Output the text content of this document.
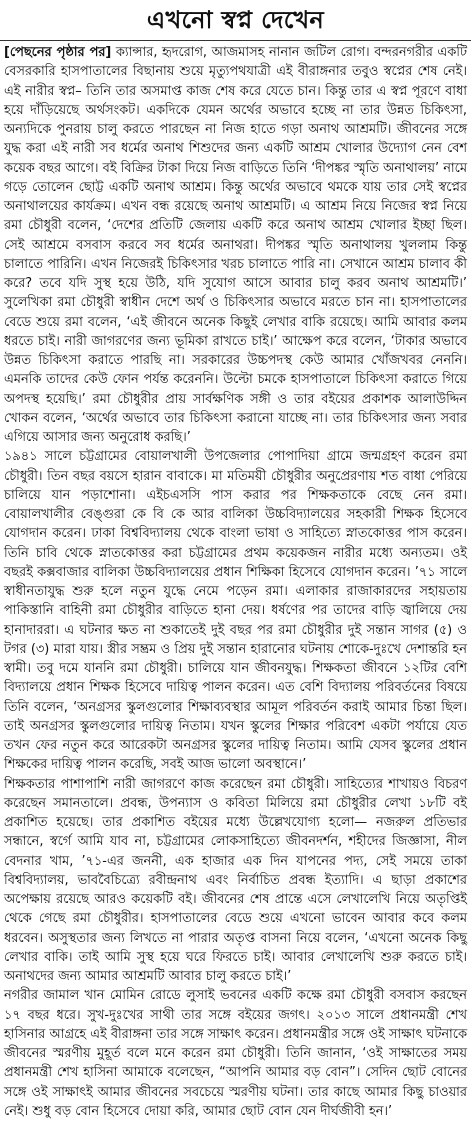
এখনো স্বপ্ন দেখেন

[পেছনের পৃষ্ঠার পর] ক্যান্সার, হৃদরোগ, আজমাসহ নানান জটিল রোগ। বন্দরনগরীর একটি বেসরকারি হাসপাতালের বিছানায় শুয়ে মৃত্যুপথযাত্রী এই বীরাঙ্গনার তবুও স্বপ্নের শেষ নেই। এই নারীর স্বপ্ন– তিনি তার অসমাপ্ত কাজ শেষ করে যেতে চান। কিন্তু তার এ স্বপ্ন পূরণে বাধা হয়ে দাঁড়িয়েছে অর্থসংকট। একদিকে যেমন অর্থের অভাবে হচ্ছে না তার উন্নত চিকিৎসা, অন্যদিকে পুনরায় চালু করতে পারছেন না নিজ হাতে গড়া অনাথ আশ্রমটি। জীবনের সঙ্গে যুদ্ধ করা এই নারী সব ধর্মের অনাথ শিশুদের জন্য একটি আশ্রম খোলার উদ্যোগ নেন বেশ কয়েক বছর আগে। বই বিক্রির টাকা দিয়ে নিজ বাড়িতে তিনি ‘দীপঙ্কর স্মৃতি অনাথালয়’ নামে গড়ে তোলেন ছোট্ট একটি অনাথ আশ্রম। কিন্তু অর্থের অভাবে থমকে যায় তার সেই স্বপ্নের অনাথালয়ের কার্যক্রম। এখন বন্ধ রয়েছে অনাথ আশ্রমটি। এ আশ্রম নিয়ে নিজের স্বপ্ন নিয়ে রমা চৌধুরী বলেন, ‘দেশের প্রতিটি জেলায় একটি করে অনাথ আশ্রম খোলার ইচ্ছা ছিল। সেই আশ্রমে বসবাস করবে সব ধর্মের অনাথরা। দীপঙ্কর স্মৃতি অনাথালয় খুললাম কিন্তু চালাতে পারিনি। এখন নিজেরই চিকিৎসার খরচ চালাতে পারি না। সেখানে আশ্রম চালাব কী করে? তবে যদি সুস্থ হয়ে উঠি, যদি সুযোগ আসে আবার চালু করব অনাথ আশ্রমটি।’ সুলেখিকা রমা চৌধুরী স্বাধীন দেশে অর্থ ও চিকিৎসার অভাবে মরতে চান না। হাসপাতালের বেডে শুয়ে রমা বলেন, ‘এই জীবনে অনেক কিছুই লেখার বাকি রয়েছে। আমি আবার কলম ধরতে চাই। নারী জাগরণের জন্য ভূমিকা রাখতে চাই।’ আক্ষেপ করে বলেন, ‘টাকার অভাবে উন্নত চিকিৎসা করাতে পারছি না। সরকারের উচ্চপদস্থ কেউ আমার খোঁজখবর নেননি। এমনকি তাদের কেউ ফোন পর্যন্ত করেননি। উল্টো চমকে হাসপাতালে চিকিৎসা করাতে গিয়ে অপদস্থ হয়েছি।’ রমা চৌধুরীর প্রায় সার্বক্ষণিক সঙ্গী ও তার বইয়ের প্রকাশক আলাউদ্দিন খোকন বলেন, ‘অর্থের অভাবে তার চিকিৎসা করানো যাচ্ছে না। তার চিকিৎসার জন্য সবার এগিয়ে আসার জন্য অনুরোধ করছি।’

১৯৪১ সালে চট্টগ্রামের বোয়ালখালী উপজেলার পোপাদিয়া গ্রামে জন্মগ্রহণ করেন রমা চৌধুরী। তিন বছর বয়সে হারান বাবাকে। মা মতিময়ী চৌধুরীর অনুপ্রেরণায় শত বাধা পেরিয়ে চালিয়ে যান পড়াশোনা। এইচএসসি পাস করার পর শিক্ষকতাকে বেছে নেন রমা। বোয়ালখালীর বেঙ্গুরা কে বি কে আর বালিকা উচ্চবিদ্যালয়ের সহকারী শিক্ষক হিসেবে যোগদান করেন। ঢাকা বিশ্ববিদ্যালয় থেকে বাংলা ভাষা ও সাহিত্যে স্নাতকোত্তর পাস করেন। তিনি চাবি থেকে স্নাতকোত্তর করা চট্টগ্রামের প্রথম কয়েকজন নারীর মধ্যে অন্যতম। ওই বছরই কক্সবাজার বালিকা উচ্চবিদ্যালয়ের প্রধান শিক্ষিকা হিসেবে যোগদান করেন। ’৭১ সালে স্বাধীনতাযুদ্ধ শুরু হলে নতুন যুদ্ধে নেমে পড়েন রমা। এলাকার রাজাকারদের সহায়তায় পাকিস্তানি বাহিনী রমা চৌধুরীর বাড়িতে হানা দেয়। ধর্ষণের পর তাদের বাড়ি জ্বালিয়ে দেয় হানাদাররা। এ ঘটনার ক্ষত না শুকাতেই দুই বছর পর রমা চৌধুরীর দুই সন্তান সাগর (৫) ও টগর (৩) মারা যায়। স্ত্রীর সম্ভ্রম ও প্রিয় দুই সন্তান হারানোর ঘটনায় শোকে-দুঃখে দেশান্তরি হন স্বামী। তবু দমে যাননি রমা চৌধুরী। চালিয়ে যান জীবনযুদ্ধ। শিক্ষকতা জীবনে ১২টির বেশি বিদ্যালয়ে প্রধান শিক্ষক হিসেবে দায়িত্ব পালন করেন। এত বেশি বিদ্যালয় পরিবর্তনের বিষয়ে তিনি বলেন, ‘অনগ্রসর স্কুলগুলোর শিক্ষাব্যবস্থার আমূল পরিবর্তন করাই আমার চিন্তা ছিল। তাই অনগ্রসর স্কুলগুলোর দায়িত্ব নিতাম। যখন স্কুলের শিক্ষার পরিবেশ একটা পর্যায়ে যেত তখন ফের নতুন করে আরেকটা অনগ্রসর স্কুলের দায়িত্ব নিতাম। আমি যেসব স্কুলের প্রধান শিক্ষকের দায়িত্ব পালন করেছি, সবই আজ ভালো অবস্থানে।’

শিক্ষকতার পাশাপাশি নারী জাগরণে কাজ করেছেন রমা চৌধুরী। সাহিত্যের শাখায়ও বিচরণ করেছেন সমানতালে। প্রবন্ধ, উপন্যাস ও কবিতা মিলিয়ে রমা চৌধুরীর লেখা ১৮টি বই প্রকাশিত হয়েছে। তার প্রকাশিত বইয়ের মধ্যে উল্লেখযোগ্য হলো— নজরুল প্রতিভার সন্ধানে, স্বর্গে আমি যাব না, চট্টগ্রামের লোকসাহিত্যে জীবনদর্শন, শহীদের জিজ্ঞাসা, নীল বেদনার খাম, ’৭১-এর জননী, এক হাজার এক দিন যাপনের পদ্য, সেই সময়ে তাকা বিশ্ববিদ্যালয়, ভাববৈচিত্র্যে রবীন্দ্রনাথ এবং নির্বাচিত প্রবন্ধ ইত্যাদি। এ ছাড়া প্রকাশের অপেক্ষায় রয়েছে আরও কয়েকটি বই। জীবনের শেষ প্রান্তে এসে লেখালেখি নিয়ে অতৃপ্তিই থেকে গেছে রমা চৌধুরীর। হাসপাতালের বেডে শুয়ে এখনো ভাবেন আবার কবে কলম ধরবেন। অসুস্থতার জন্য লিখতে না পারার অতৃপ্ত বাসনা নিয়ে বলেন, ‘এখনো অনেক কিছু লেখার বাকি। তাই আমি সুস্থ হয়ে ঘরে ফিরতে চাই। আবার লেখালেখি শুরু করতে চাই। অনাথদের জন্য আমার আশ্রমটি আবার চালু করতে চাই।’

নগরীর জামাল খান মোমিন রোডে লুসাই ভবনের একটি কক্ষে রমা চৌধুরী বসবাস করছেন ১৭ বছর ধরে। সুখ-দুঃখের সাথী তার সঙ্গে বইয়ের জগৎ। ২০১৩ সালে প্রধানমন্ত্রী শেখ হাসিনার আগ্রহে এই বীরাঙ্গনা তার সঙ্গে সাক্ষাৎ করেন। প্রধানমন্ত্রীর সঙ্গে ওই সাক্ষাৎ ঘটনাকে জীবনের স্মরণীয় মুহূর্ত বলে মনে করেন রমা চৌধুরী। তিনি জানান, ‘ওই সাক্ষাতের সময় প্রধানমন্ত্রী শেখ হাসিনা আমাকে বলেছেন, “আপনি আমার বড় বোন”। সেদিন ছোট বোনের সঙ্গে ওই সাক্ষাৎই আমার জীবনের সবচেয়ে স্মরণীয় ঘটনা। তার কাছে আমার কিছু চাওয়ার নেই। শুধু বড় বোন হিসেবে দোয়া করি, আমার ছোট বোন যেন দীর্ঘজীবী হন।’
